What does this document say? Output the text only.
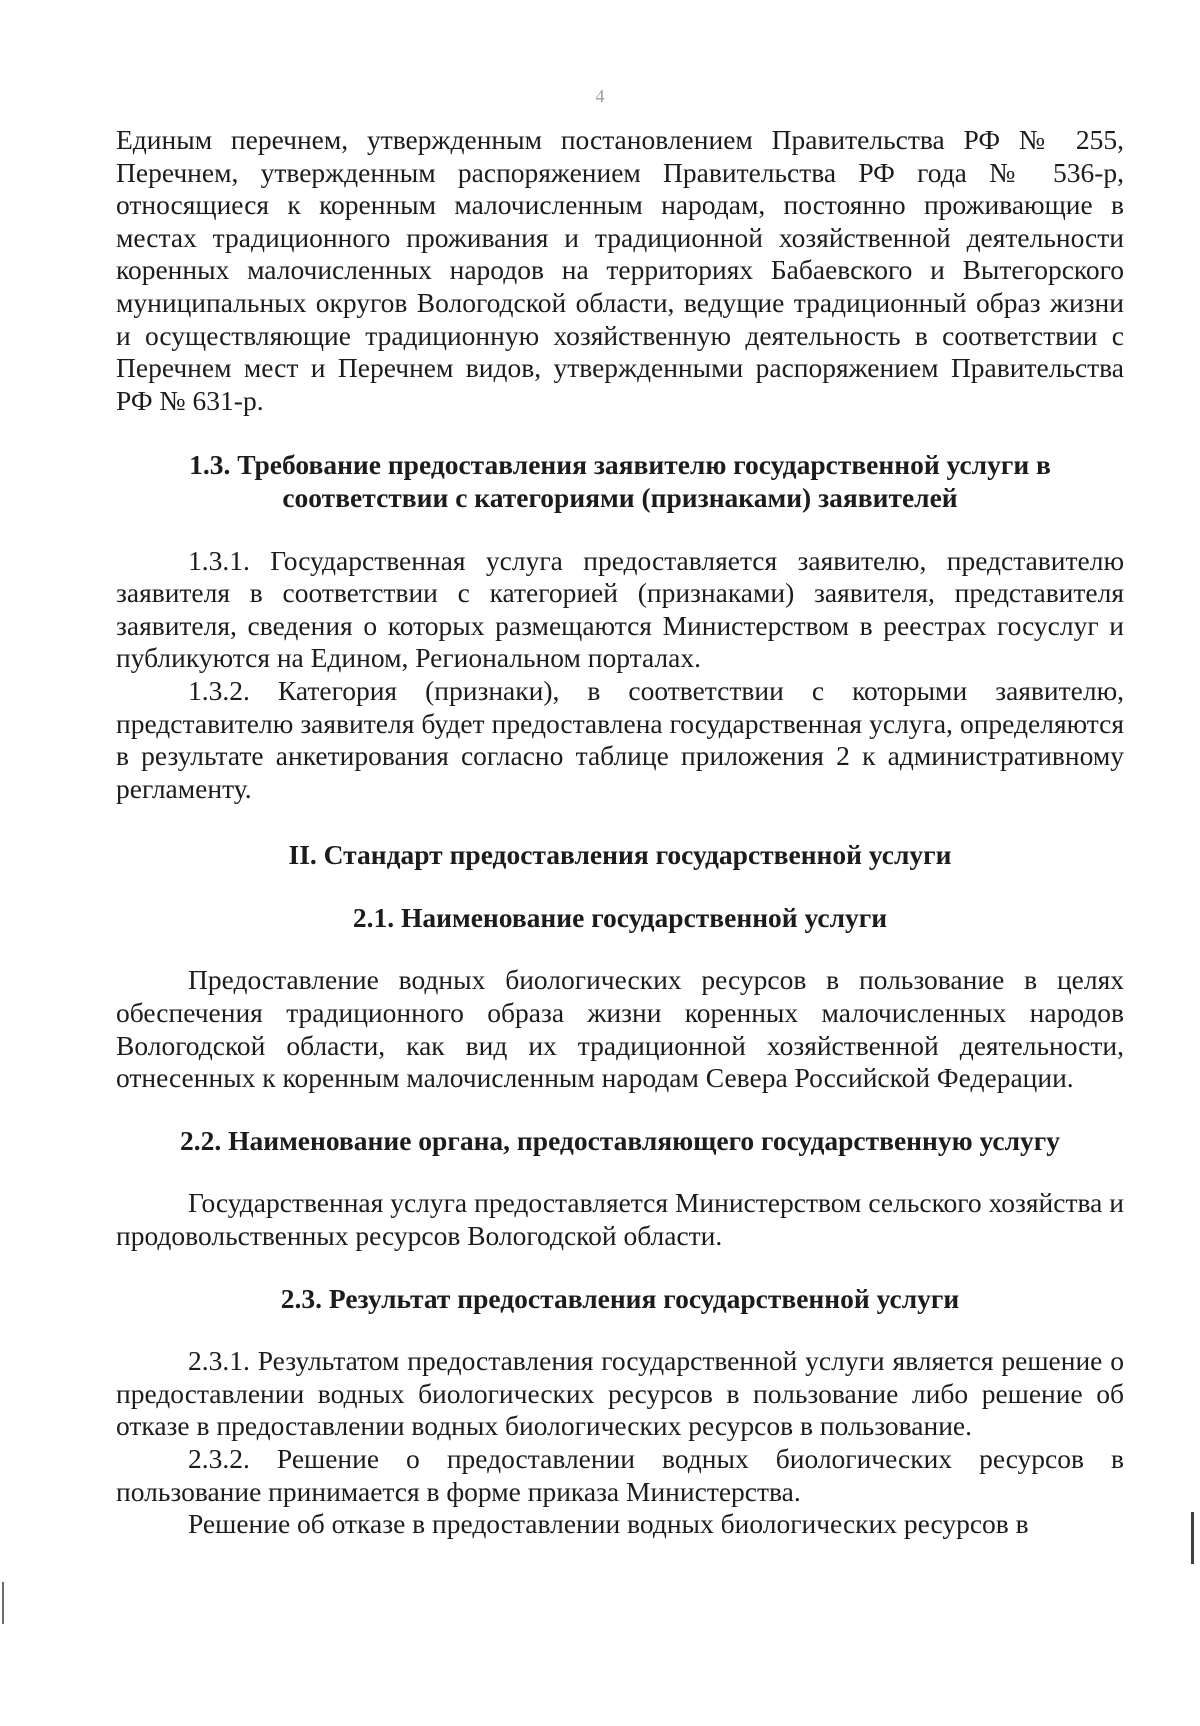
4

Единым перечнем, утвержденным постановлением Правительства РФ № 255, Перечнем, утвержденным распоряжением Правительства РФ года № 536-р, относящиеся к коренным малочисленным народам, постоянно проживающие в местах традиционного проживания и традиционной хозяйственной деятельности коренных малочисленных народов на территориях Бабаевского и Вытегорского муниципальных округов Вологодской области, ведущие традиционный образ жизни и осуществляющие традиционную хозяйственную деятельность в соответствии с Перечнем мест и Перечнем видов, утвержденными распоряжением Правительства РФ № 631-р.

1.3. Требование предоставления заявителю государственной услуги в

соответствии с категориями (признаками) заявителей

1.3.1. Государственная услуга предоставляется заявителю, представителю заявителя в соответствии с категорией (признаками) заявителя, представителя заявителя, сведения о которых размещаются Министерством в реестрах госуслуг и публикуются на Едином, Региональном порталах.

1.3.2. Категория (признаки), в соответствии с которыми заявителю, представителю заявителя будет предоставлена государственная услуга, определяются в результате анкетирования согласно таблице приложения 2 к административному регламенту.

II. Стандарт предоставления государственной услуги

2.1. Наименование государственной услуги

Предоставление водных биологических ресурсов в пользование в целях обеспечения традиционного образа жизни коренных малочисленных народов Вологодской области, как вид их традиционной хозяйственной деятельности, отнесенных к коренным малочисленным народам Севера Российской Федерации.

2.2. Наименование органа, предоставляющего государственную услугу

Государственная услуга предоставляется Министерством сельского хозяйства и продовольственных ресурсов Вологодской области.

2.3. Результат предоставления государственной услуги

2.3.1. Результатом предоставления государственной услуги является решение о предоставлении водных биологических ресурсов в пользование либо решение об отказе в предоставлении водных биологических ресурсов в пользование.

2.3.2. Решение о предоставлении водных биологических ресурсов в пользование принимается в форме приказа Министерства.

Решение об отказе в предоставлении водных биологических ресурсов в
